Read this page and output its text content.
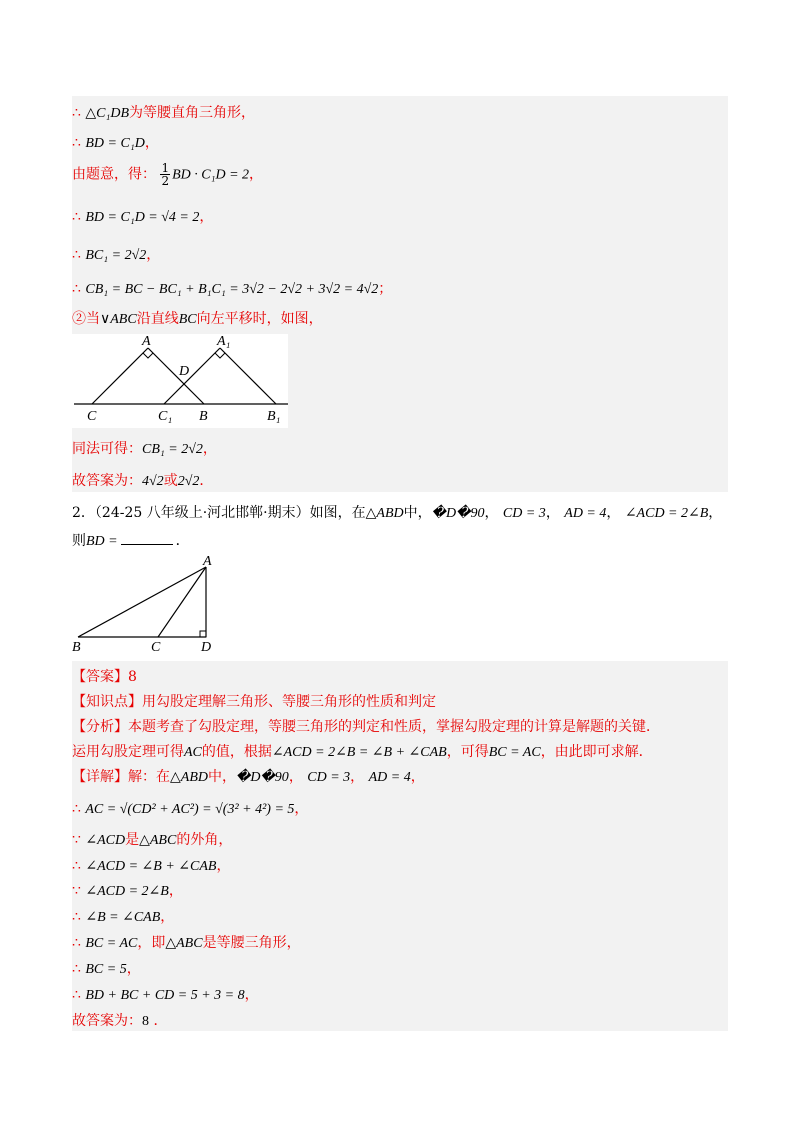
∴ △C₁DB为等腰直角三角形，
∴ BD = C₁D，
由题意，得： $\frac{1}{2}$ BD · C₁D = 2，
∴ BD = C₁D = √4 = 2，
∴ BC₁ = 2√2，
∴ CB₁ = BC − BC₁ + B₁C₁ = 3√2 − 2√2 + 3√2 = 4√2；
②当∨ABC沿直线BC向左平移时，如图，
A	A₁
D
C	C₁ B	B₁
同法可得：CB₁ = 2√2，
故答案为：4√2或2√2．
2．（24-25 八年级上·河北邯郸·期末）如图，在△ABD中，�D�90， CD = 3， AD = 4， ∠ACD = 2∠B，
则BD =	．
A
B	C	D
【答案】8
【知识点】用勾股定理解三角形、等腰三角形的性质和判定
【分析】本题考查了勾股定理，等腰三角形的判定和性质，掌握勾股定理的计算是解题的关键．
运用勾股定理可得AC的值，根据∠ACD = 2∠B = ∠B + ∠CAB，可得BC = AC，由此即可求解．
【详解】解：在△ABD中，�D�90， CD = 3， AD = 4，
∴ AC = √(CD² + AC²) = √(3² + 4²) = 5，
∵ ∠ACD是△ABC的外角，
∴ ∠ACD = ∠B + ∠CAB，
∵ ∠ACD = 2∠B，
∴ ∠B = ∠CAB，
∴ BC = AC，即△ABC是等腰三角形，
∴ BC = 5，
∴ BD + BC + CD = 5 + 3 = 8，
故答案为：8 ．
